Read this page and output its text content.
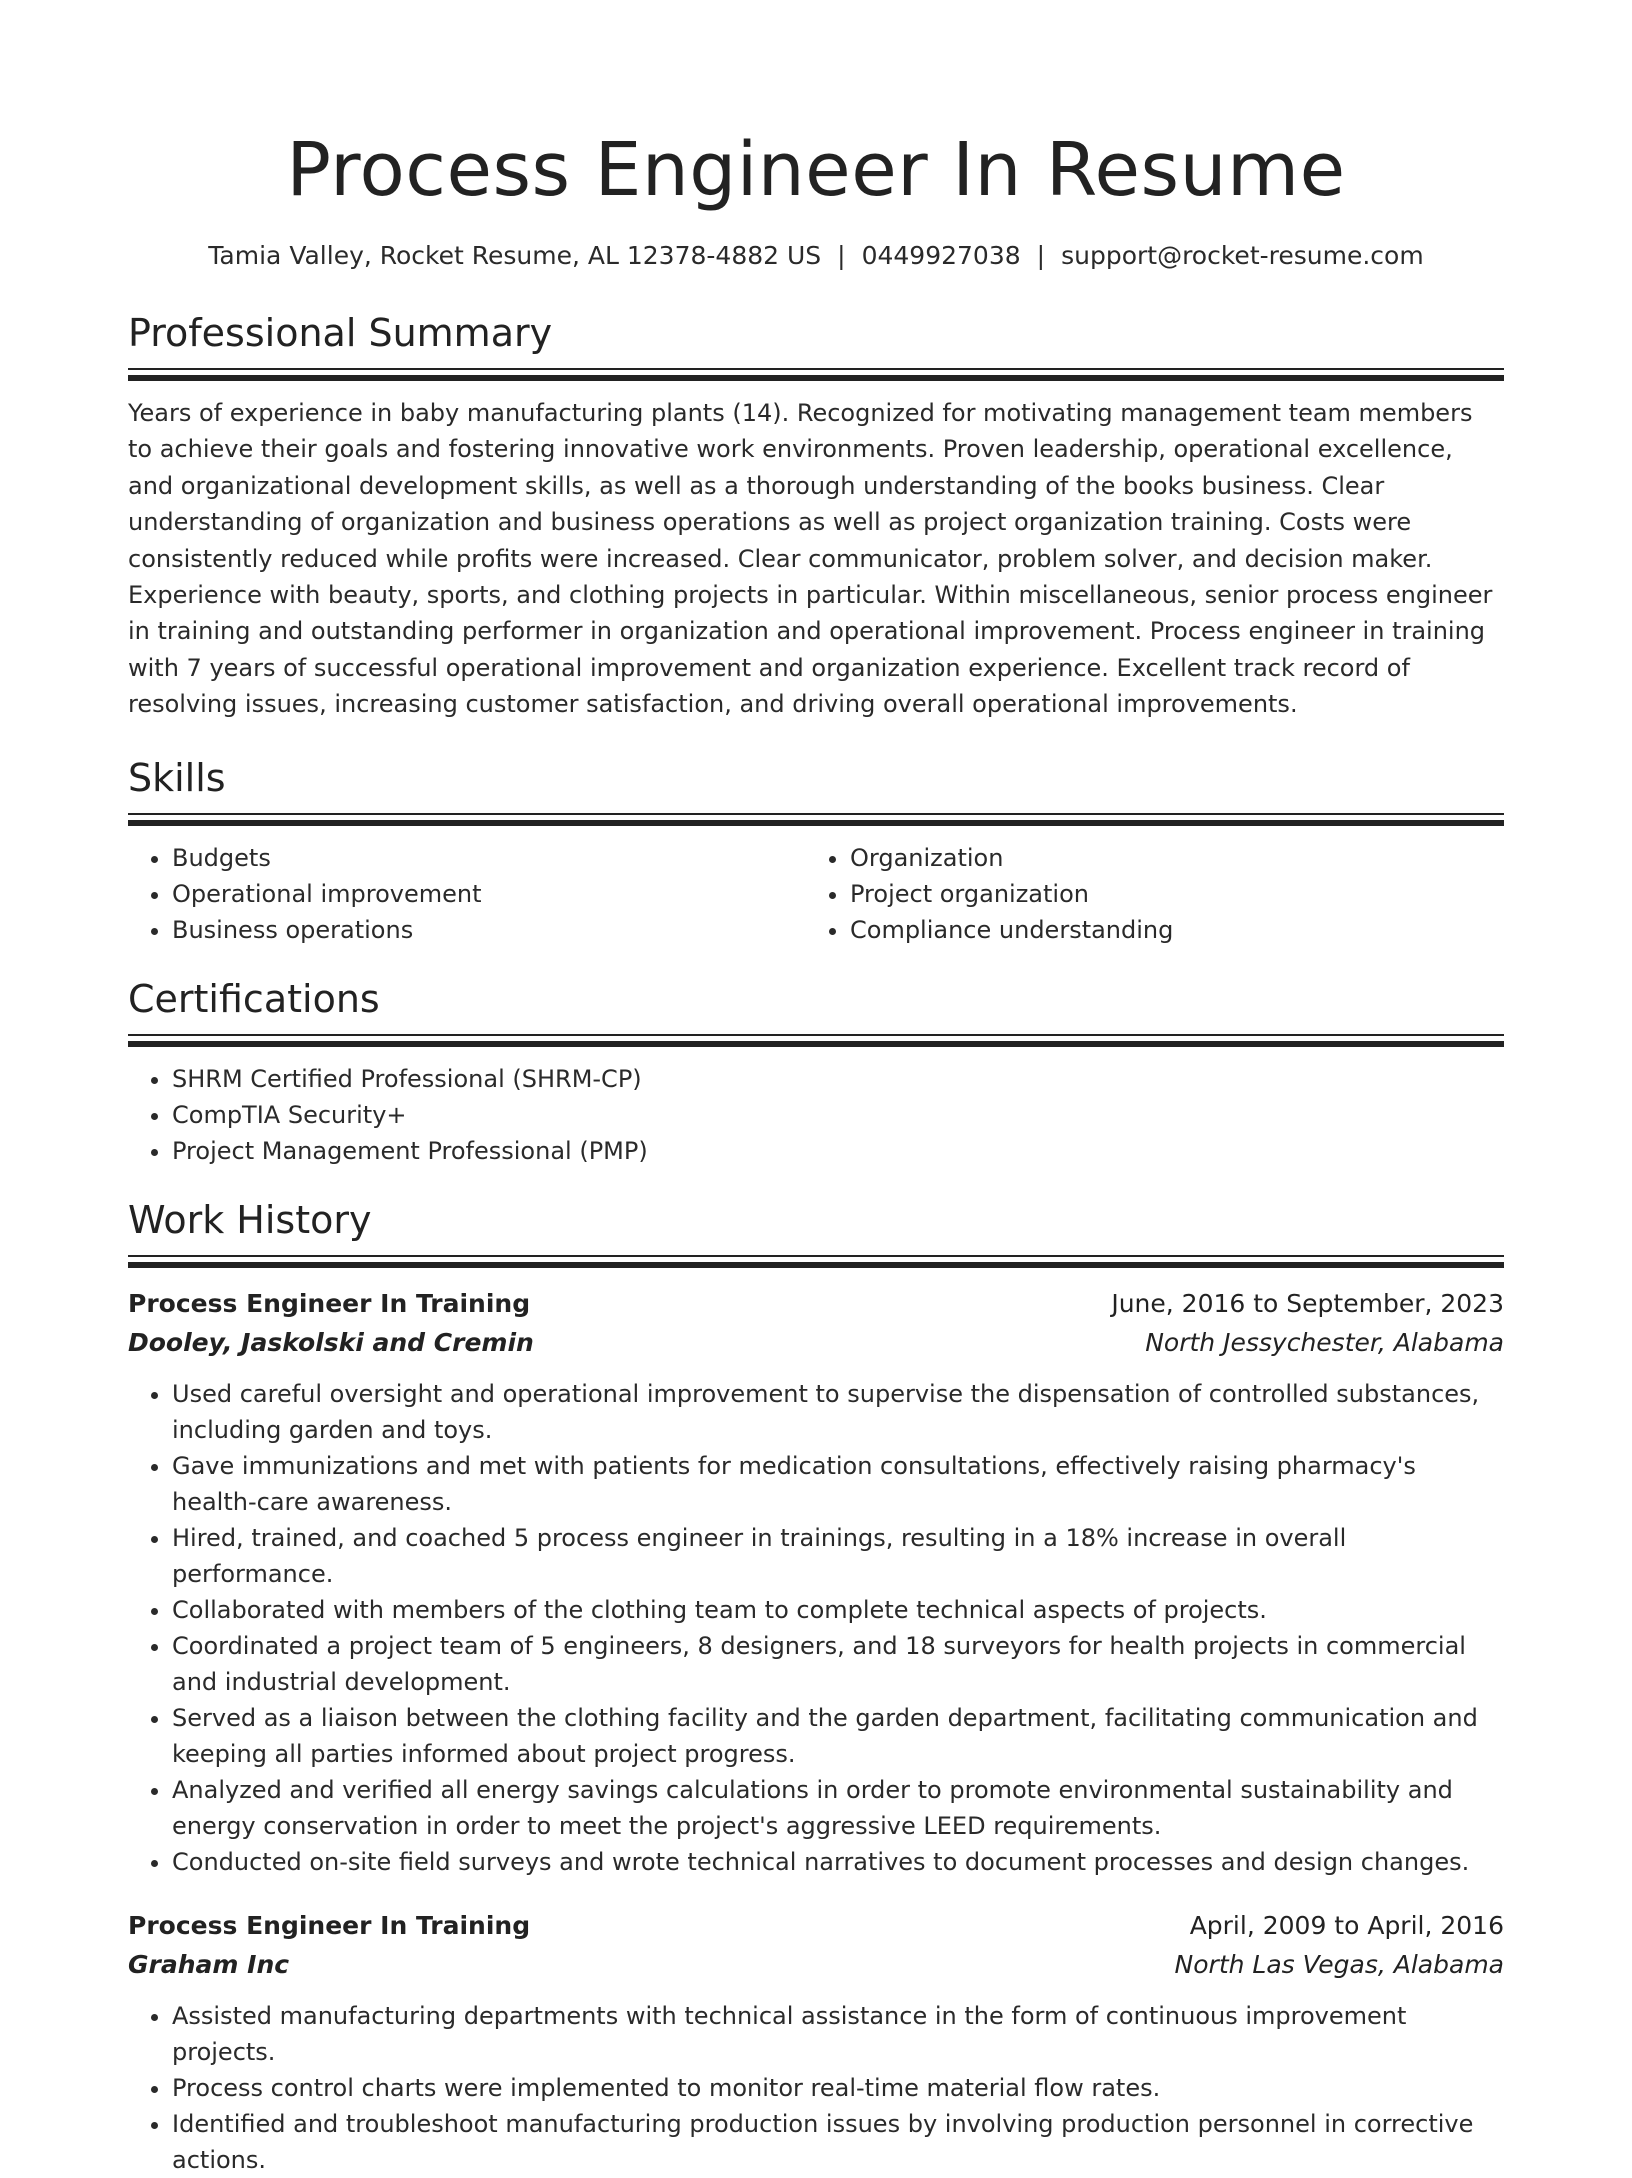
Process Engineer In Resume
Tamia Valley, Rocket Resume, AL 12378-4882 US | 0449927038 | support@rocket-resume.com
Professional Summary

Years of experience in baby manufacturing plants (14). Recognized for motivating management team members to achieve their goals and fostering innovative work environments. Proven leadership, operational excellence, and organizational development skills, as well as a thorough understanding of the books business. Clear understanding of organization and business operations as well as project organization training. Costs were consistently reduced while profits were increased. Clear communicator, problem solver, and decision maker. Experience with beauty, sports, and clothing projects in particular. Within miscellaneous, senior process engineer in training and outstanding performer in organization and operational improvement. Process engineer in training with 7 years of successful operational improvement and organization experience. Excellent track record of resolving issues, increasing customer satisfaction, and driving overall operational improvements.

Skills
• Budgets
• Operational improvement
• Business operations
• Organization
• Project organization
• Compliance understanding
Certifications
• SHRM Certified Professional (SHRM-CP)
• CompTIA Security+
• Project Management Professional (PMP)
Work History
Process Engineer In Training	June, 2016 to September, 2023
Dooley, Jaskolski and Cremin	North Jessychester, Alabama
• Used careful oversight and operational improvement to supervise the dispensation of controlled substances, including garden and toys.
• Gave immunizations and met with patients for medication consultations, effectively raising pharmacy's health-care awareness.
• Hired, trained, and coached 5 process engineer in trainings, resulting in a 18% increase in overall performance.
• Collaborated with members of the clothing team to complete technical aspects of projects.
• Coordinated a project team of 5 engineers, 8 designers, and 18 surveyors for health projects in commercial and industrial development.
• Served as a liaison between the clothing facility and the garden department, facilitating communication and keeping all parties informed about project progress.
• Analyzed and verified all energy savings calculations in order to promote environmental sustainability and energy conservation in order to meet the project's aggressive LEED requirements.
• Conducted on-site field surveys and wrote technical narratives to document processes and design changes.
Process Engineer In Training	April, 2009 to April, 2016
Graham Inc	North Las Vegas, Alabama
• Assisted manufacturing departments with technical assistance in the form of continuous improvement projects.
• Process control charts were implemented to monitor real-time material flow rates.
• Identified and troubleshoot manufacturing production issues by involving production personnel in corrective actions.
